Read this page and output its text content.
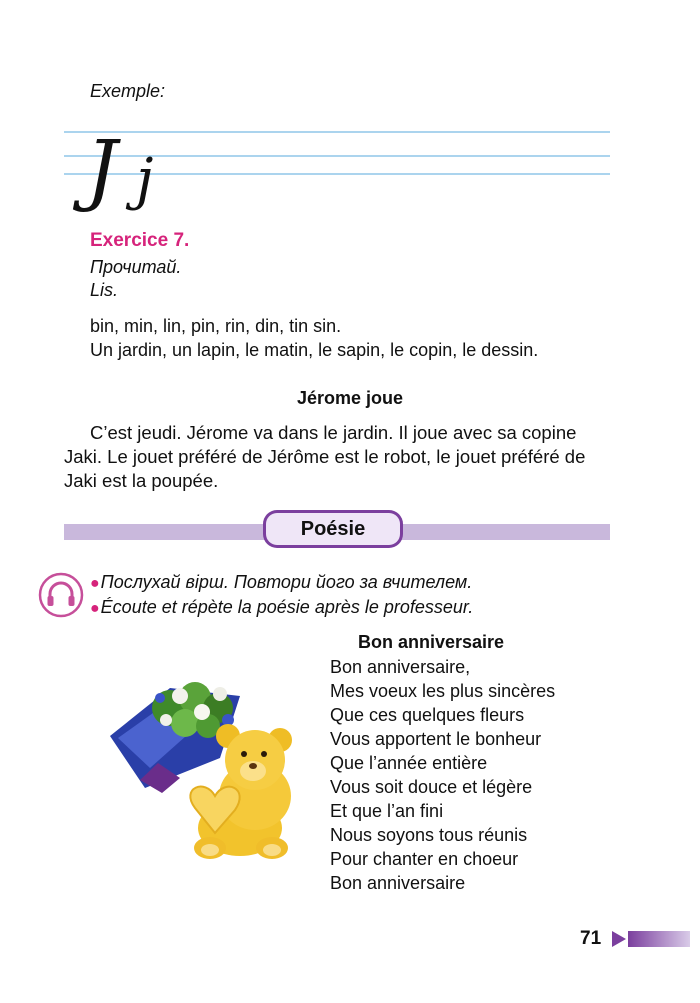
Exemple:
J j
Exercice 7.
Прочитай.
Lis.
bin, min, lin, pin, rin, din, tin sin.
Un jardin, un lapin, le matin, le sapin, le copin, le dessin.
Jérome joue
C’est jeudi. Jérome va dans le jardin. Il joue avec sa copine Jaki. Le jouet préféré de Jérôme est le robot, le jouet préféré de Jaki est la poupée.
Poésie
●Послухай вірш. Повтори його за вчителем.
●Écoute et répète la poésie après le professeur.
Bon anniversaire
Bon anniversaire,
Mes voeux les plus sincères
Que ces quelques fleurs
Vous apportent le bonheur
Que l’année entière
Vous soit douce et légère
Et que l’an fini
Nous soyons tous réunis
Pour chanter en choeur
Bon anniversaire
71
